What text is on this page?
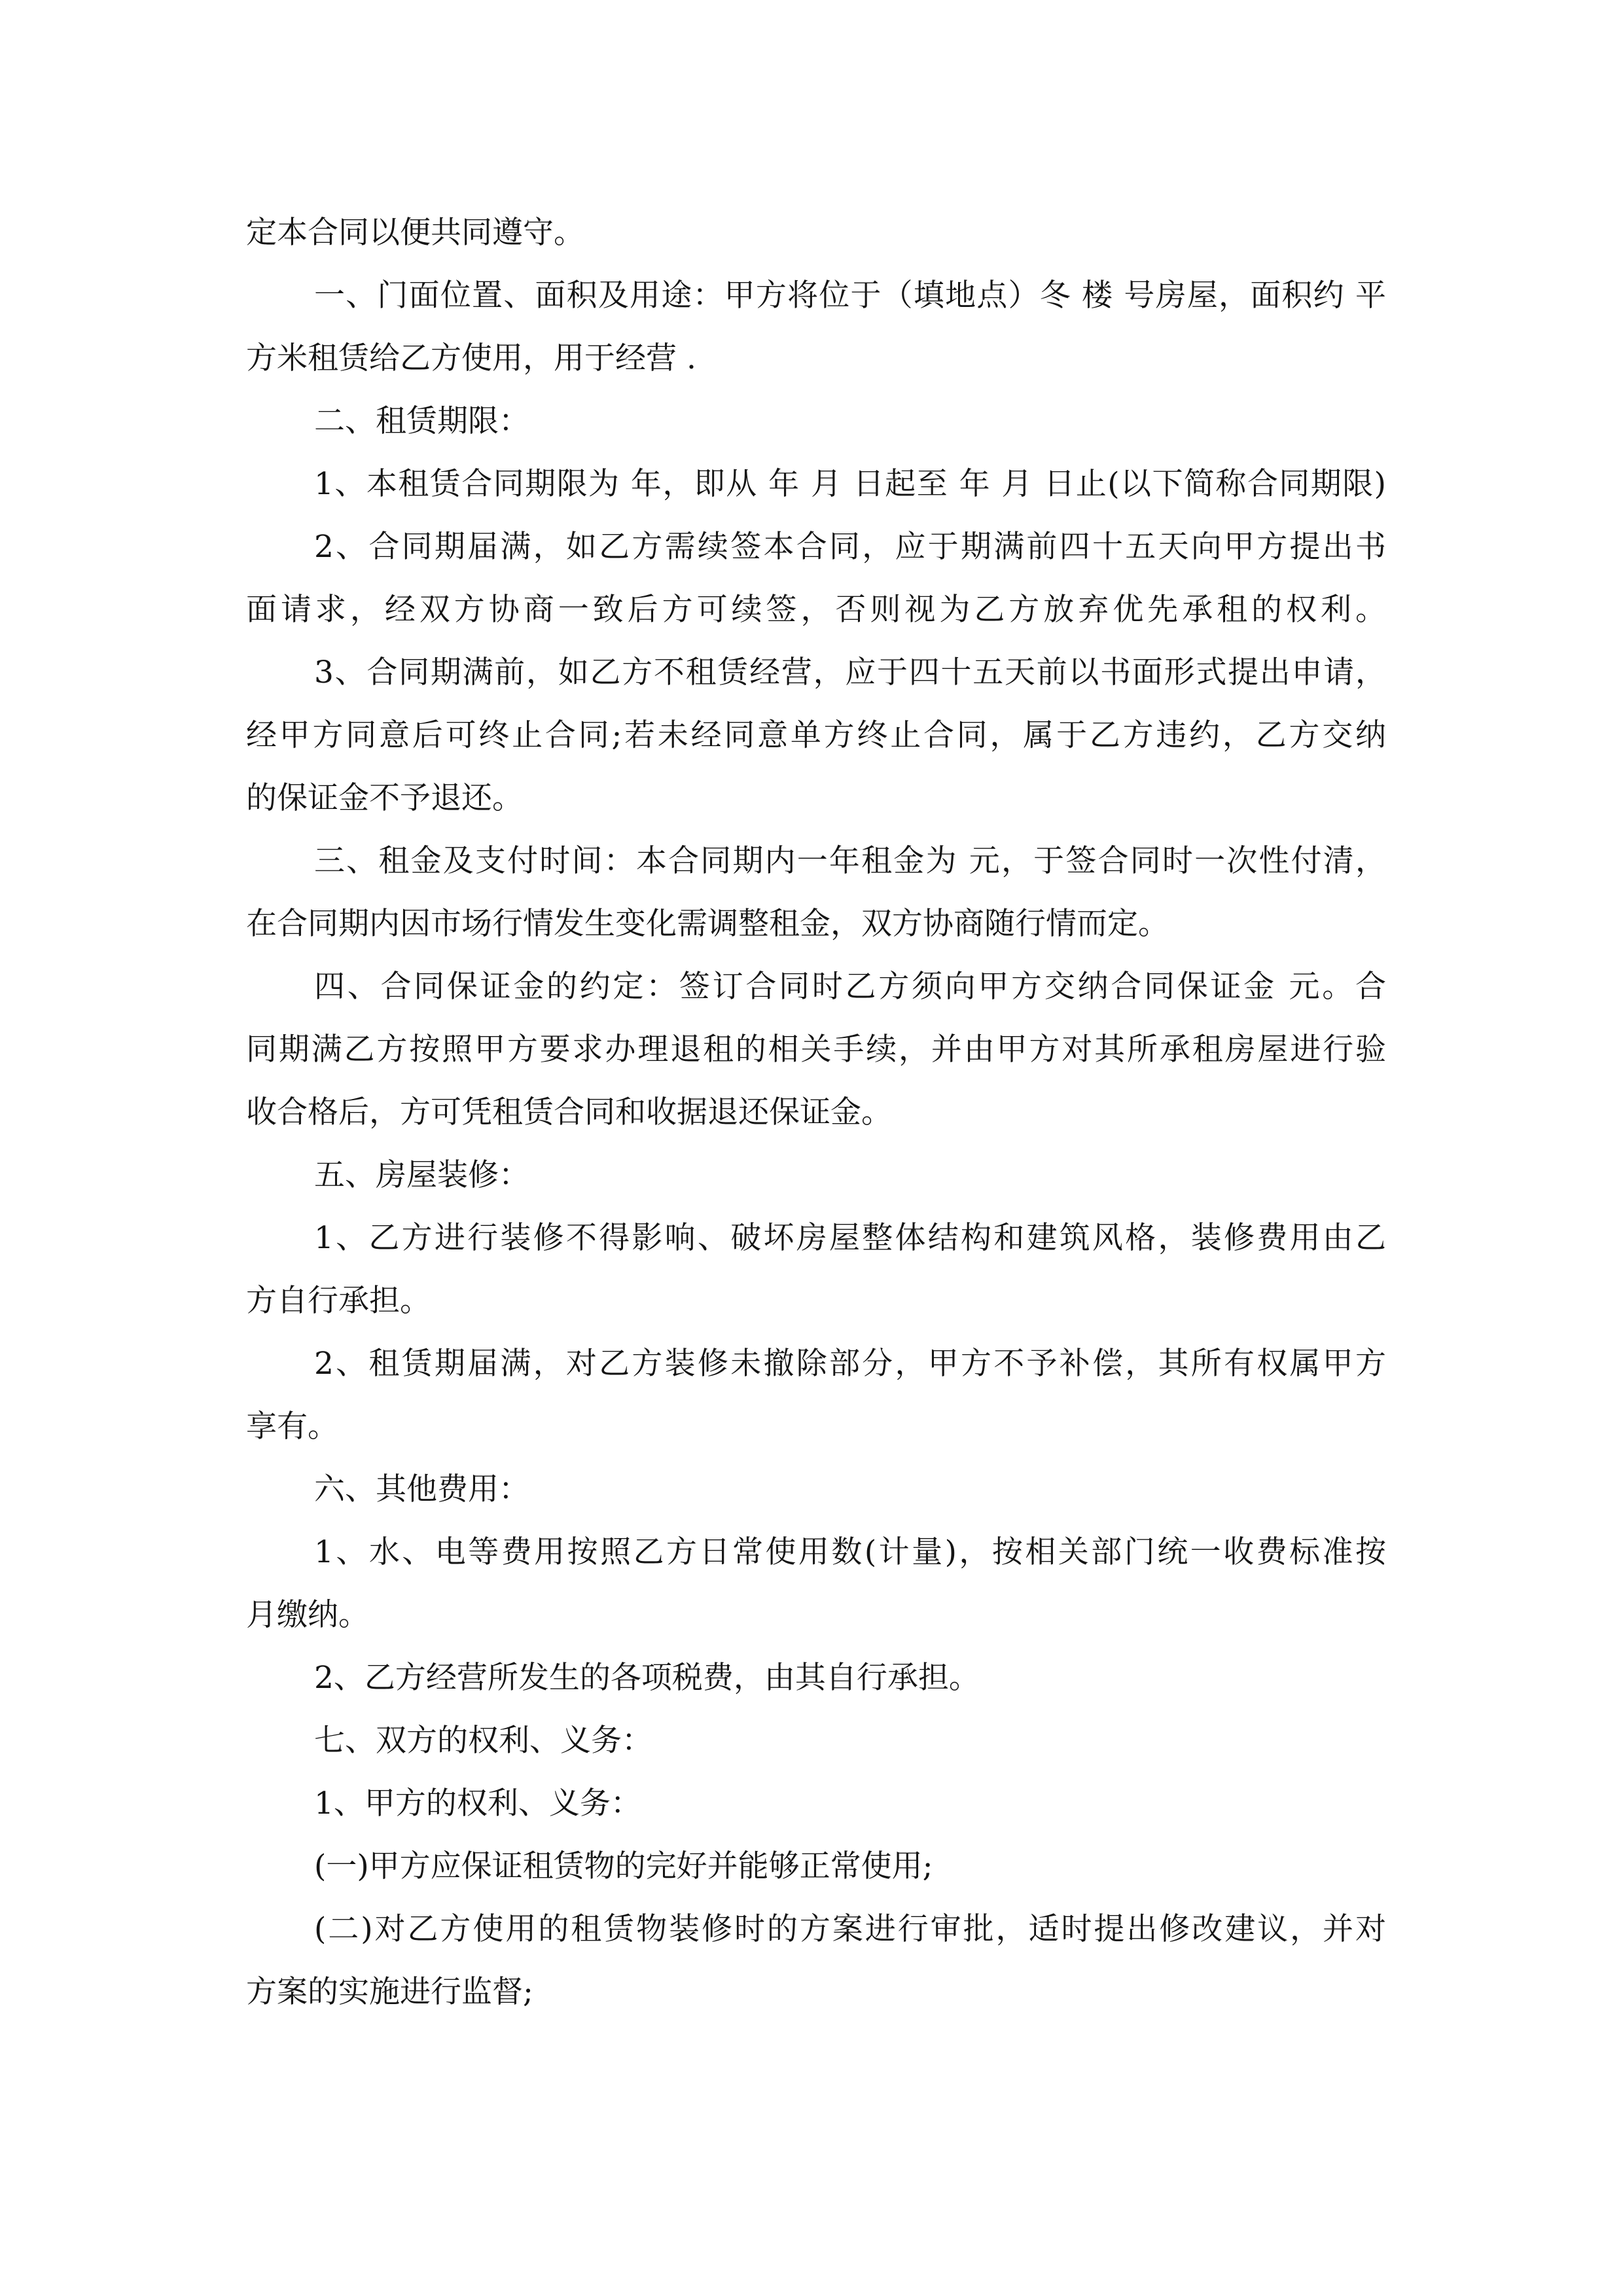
定本合同以便共同遵守。
一、门面位置、面积及用途：甲方将位于（填地点）冬 楼 号房屋，面积约 平
方米租赁给乙方使用，用于经营 .
二、租赁期限：
1、本租赁合同期限为 年，即从 年 月 日起至 年 月 日止(以下简称合同期限)
2、合同期届满，如乙方需续签本合同，应于期满前四十五天向甲方提出书
面请求，经双方协商一致后方可续签，否则视为乙方放弃优先承租的权利。
3、合同期满前，如乙方不租赁经营，应于四十五天前以书面形式提出申请，
经甲方同意后可终止合同;若未经同意单方终止合同，属于乙方违约，乙方交纳
的保证金不予退还。
三、租金及支付时间：本合同期内一年租金为 元，于签合同时一次性付清，
在合同期内因市场行情发生变化需调整租金，双方协商随行情而定。
四、合同保证金的约定：签订合同时乙方须向甲方交纳合同保证金 元。合
同期满乙方按照甲方要求办理退租的相关手续，并由甲方对其所承租房屋进行验
收合格后，方可凭租赁合同和收据退还保证金。
五、房屋装修：
1、乙方进行装修不得影响、破坏房屋整体结构和建筑风格，装修费用由乙
方自行承担。
2、租赁期届满，对乙方装修未撤除部分，甲方不予补偿，其所有权属甲方
享有。
六、其他费用：
1、水、电等费用按照乙方日常使用数(计量)，按相关部门统一收费标准按
月缴纳。
2、乙方经营所发生的各项税费，由其自行承担。
七、双方的权利、义务：
1、甲方的权利、义务：
(一)甲方应保证租赁物的完好并能够正常使用;
(二)对乙方使用的租赁物装修时的方案进行审批，适时提出修改建议，并对
方案的实施进行监督;
